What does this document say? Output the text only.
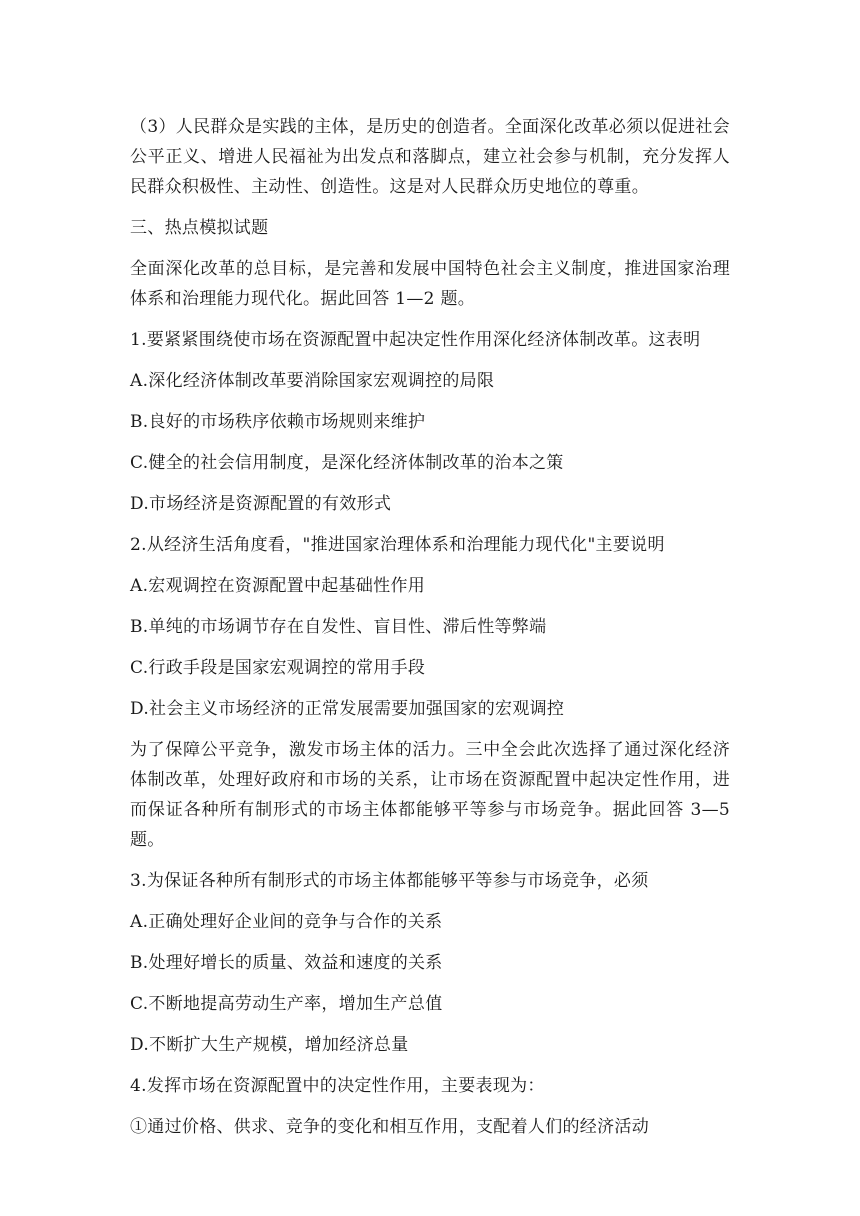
（3）人民群众是实践的主体，是历史的创造者。全面深化改革必须以促进社会公平正义、增进人民福祉为出发点和落脚点，建立社会参与机制，充分发挥人民群众积极性、主动性、创造性。这是对人民群众历史地位的尊重。

三、热点模拟试题

全面深化改革的总目标，是完善和发展中国特色社会主义制度，推进国家治理体系和治理能力现代化。据此回答 1—2 题。

1.要紧紧围绕使市场在资源配置中起决定性作用深化经济体制改革。这表明

A.深化经济体制改革要消除国家宏观调控的局限

B.良好的市场秩序依赖市场规则来维护

C.健全的社会信用制度，是深化经济体制改革的治本之策

D.市场经济是资源配置的有效形式

2.从经济生活角度看，"推进国家治理体系和治理能力现代化"主要说明

A.宏观调控在资源配置中起基础性作用

B.单纯的市场调节存在自发性、盲目性、滞后性等弊端

C.行政手段是国家宏观调控的常用手段

D.社会主义市场经济的正常发展需要加强国家的宏观调控

为了保障公平竞争，激发市场主体的活力。三中全会此次选择了通过深化经济体制改革，处理好政府和市场的关系，让市场在资源配置中起决定性作用，进而保证各种所有制形式的市场主体都能够平等参与市场竞争。据此回答 3—5 题。

3.为保证各种所有制形式的市场主体都能够平等参与市场竞争，必须

A.正确处理好企业间的竞争与合作的关系

B.处理好增长的质量、效益和速度的关系

C.不断地提高劳动生产率，增加生产总值

D.不断扩大生产规模，增加经济总量

4.发挥市场在资源配置中的决定性作用，主要表现为：

①通过价格、供求、竞争的变化和相互作用，支配着人们的经济活动
